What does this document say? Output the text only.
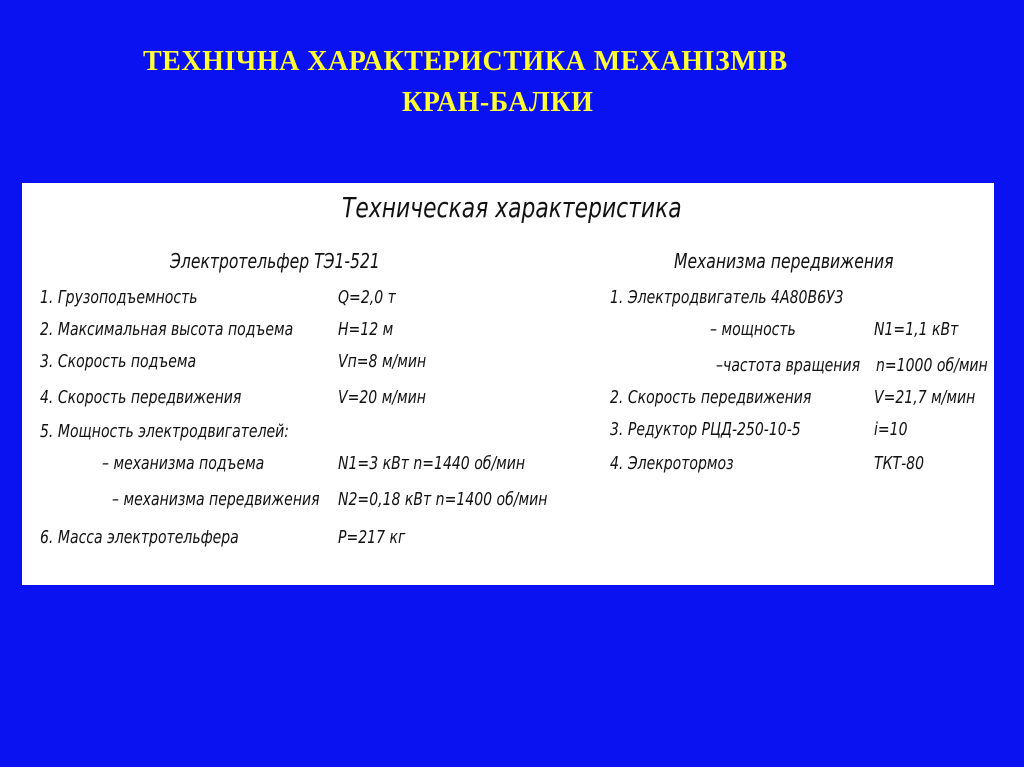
ТЕХНІЧНА ХАРАКТЕРИСТИКА МЕХАНІЗМІВ
КРАН-БАЛКИ
Техническая характеристика
Электротельфер ТЭ1-521
1. Грузоподъемность	Q=2,0 т
2. Максимальная высота подъема H=12 м
3. Скорость подъема	Vп=8 м/мин
4. Скорость передвижения	V=20 м/мин
5. Мощность электродвигателей:
– механизма подъема	N1=3 кВт n=1440 об/мин
– механизма передвижения N2=0,18 кВт n=1400 об/мин
6. Масса электротельфера	P=217 кг
Механизма передвижения
1. Электродвигатель 4А80В6У3
– мощность	N1=1,1 кВт
–частота вращения n=1000 об/мин
2. Скорость передвижения	V=21,7 м/мин
3. Редуктор РЦД-250-10-5	i=10
4. Элекротормоз	ТКТ-80
